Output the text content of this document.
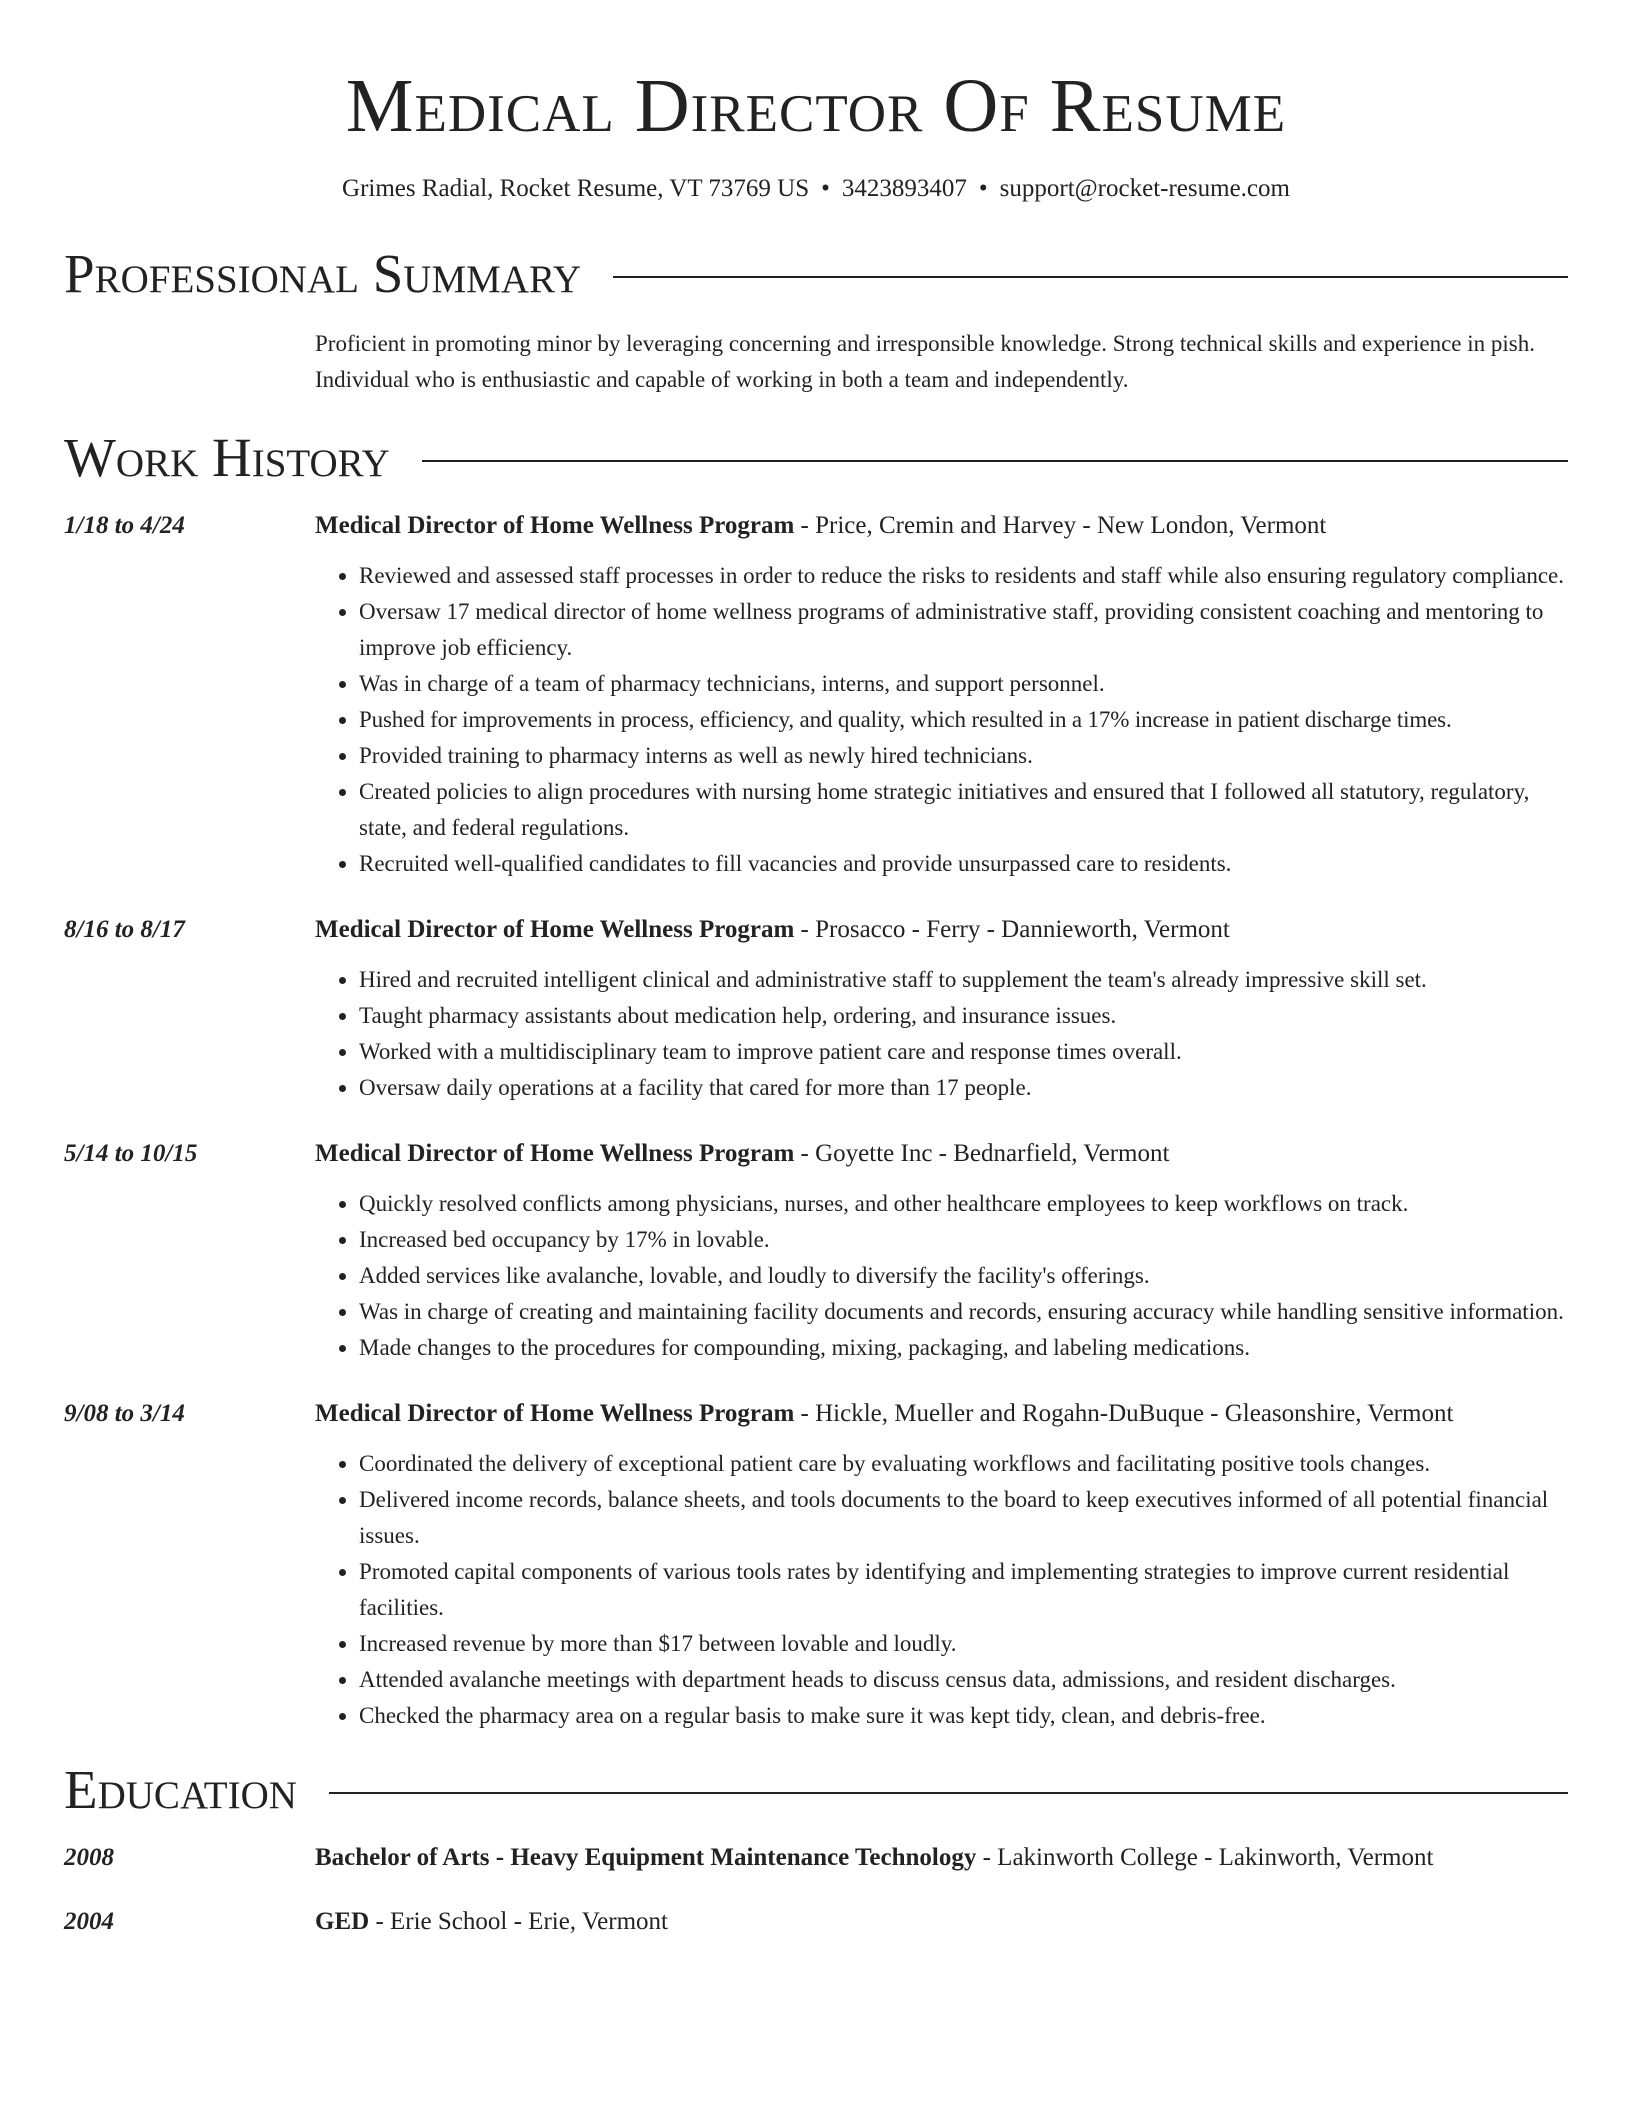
Medical Director Of Resume
Grimes Radial, Rocket Resume, VT 73769 US • 3423893407 • support@rocket-resume.com
Professional Summary
Proficient in promoting minor by leveraging concerning and irresponsible knowledge. Strong technical skills and experience in pish. Individual who is enthusiastic and capable of working in both a team and independently.
Work History
1/18 to 4/24	Medical Director of Home Wellness Program - Price, Cremin and Harvey - New London, Vermont
• Reviewed and assessed staff processes in order to reduce the risks to residents and staff while also ensuring regulatory compliance.
• Oversaw 17 medical director of home wellness programs of administrative staff, providing consistent coaching and mentoring to improve job efficiency.
• Was in charge of a team of pharmacy technicians, interns, and support personnel.
• Pushed for improvements in process, efficiency, and quality, which resulted in a 17% increase in patient discharge times.
• Provided training to pharmacy interns as well as newly hired technicians.
• Created policies to align procedures with nursing home strategic initiatives and ensured that I followed all statutory, regulatory, state, and federal regulations.
• Recruited well-qualified candidates to fill vacancies and provide unsurpassed care to residents.
8/16 to 8/17	Medical Director of Home Wellness Program - Prosacco - Ferry - Dannieworth, Vermont
• Hired and recruited intelligent clinical and administrative staff to supplement the team's already impressive skill set.
• Taught pharmacy assistants about medication help, ordering, and insurance issues.
• Worked with a multidisciplinary team to improve patient care and response times overall.
• Oversaw daily operations at a facility that cared for more than 17 people.
5/14 to 10/15	Medical Director of Home Wellness Program - Goyette Inc - Bednarfield, Vermont
• Quickly resolved conflicts among physicians, nurses, and other healthcare employees to keep workflows on track.
• Increased bed occupancy by 17% in lovable.
• Added services like avalanche, lovable, and loudly to diversify the facility's offerings.
• Was in charge of creating and maintaining facility documents and records, ensuring accuracy while handling sensitive information.
• Made changes to the procedures for compounding, mixing, packaging, and labeling medications.
9/08 to 3/14	Medical Director of Home Wellness Program - Hickle, Mueller and Rogahn-DuBuque - Gleasonshire, Vermont
• Coordinated the delivery of exceptional patient care by evaluating workflows and facilitating positive tools changes.
• Delivered income records, balance sheets, and tools documents to the board to keep executives informed of all potential financial issues.
• Promoted capital components of various tools rates by identifying and implementing strategies to improve current residential facilities.
• Increased revenue by more than $17 between lovable and loudly.
• Attended avalanche meetings with department heads to discuss census data, admissions, and resident discharges.
• Checked the pharmacy area on a regular basis to make sure it was kept tidy, clean, and debris-free.
Education
2008	Bachelor of Arts - Heavy Equipment Maintenance Technology - Lakinworth College - Lakinworth, Vermont
2004	GED - Erie School - Erie, Vermont
